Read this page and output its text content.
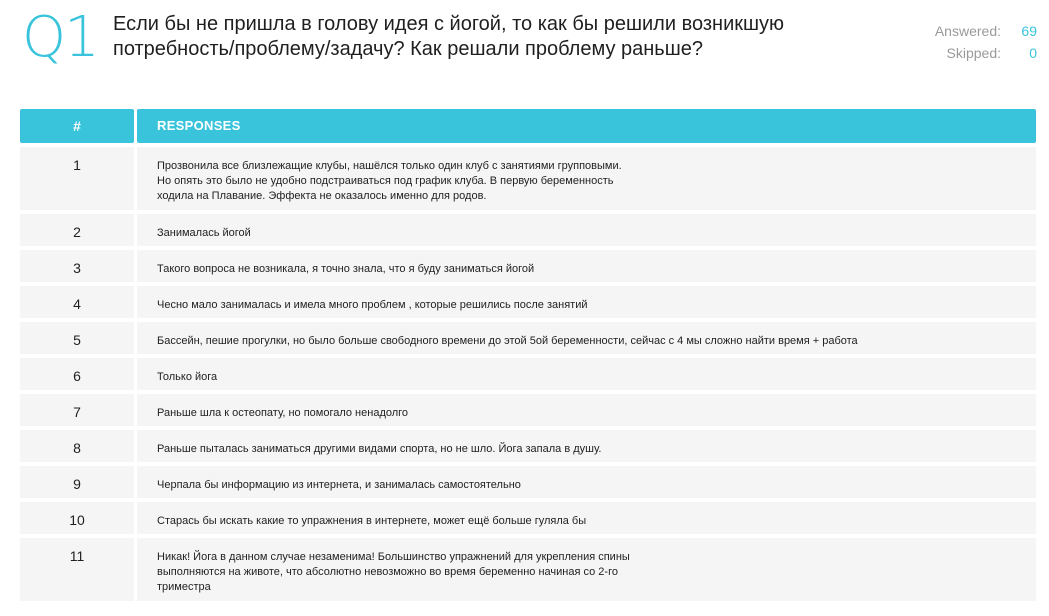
Q1 Если бы не пришла в голову идея с йогой, то как бы решили возникшую потребность/проблему/задачу? Как решали проблему раньше?
Answered:	69
Skipped:	0
#	RESPONSES
1	Прозвонила все близлежащие клубы, нашёлся только один клуб с занятиями групповыми.
Но опять это было не удобно подстраиваться под график клуба. В первую беременность
ходила на Плавание. Эффекта не оказалось именно для родов.
2	Занималась йогой
3	Такого вопроса не возникала, я точно знала, что я буду заниматься йогой
4	Чесно мало занималась и имела много проблем , которые решились после занятий
5	Бассейн, пешие прогулки, но было больше свободного времени до этой 5ой беременности, сейчас с 4 мы сложно найти время + работа
6	Только йога
7	Раньше шла к остеопату, но помогало ненадолго
8	Раньше пыталась заниматься другими видами спорта, но не шло. Йога запала в душу.
9	Черпала бы информацию из интернета, и занималась самостоятельно
10	Старась бы искать какие то упражнения в интернете, может ещё больше гуляла бы
11	Никак! Йога в данном случае незаменима! Большинство упражнений для укрепления спины
выполняются на животе, что абсолютно невозможно во время беременно начиная со 2-го
триместра
